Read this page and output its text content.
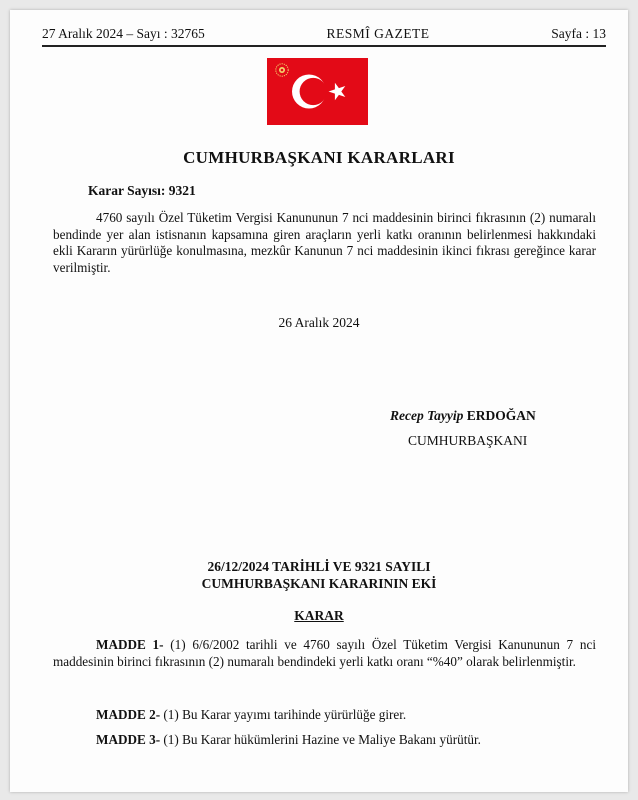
27 Aralık 2024 – Sayı : 32765	RESMÎ GAZETE	Sayfa : 13
CUMHURBAŞKANI KARARLARI
Karar Sayısı: 9321
4760 sayılı Özel Tüketim Vergisi Kanununun 7 nci maddesinin birinci fıkrasının (2) numaralı bendinde yer alan istisnanın kapsamına giren araçların yerli katkı oranının belirlenmesi hakkındaki ekli Kararın yürürlüğe konulmasına, mezkûr Kanunun 7 nci maddesinin ikinci fıkrası gereğince karar verilmiştir.
26 Aralık 2024
Recep Tayyip ERDOĞAN
CUMHURBAŞKANI
26/12/2024 TARİHLİ VE 9321 SAYILI
CUMHURBAŞKANI KARARININ EKİ
KARAR
MADDE 1- (1) 6/6/2002 tarihli ve 4760 sayılı Özel Tüketim Vergisi Kanununun 7 nci maddesinin birinci fıkrasının (2) numaralı bendindeki yerli katkı oranı “%40” olarak belirlenmiştir.
MADDE 2- (1) Bu Karar yayımı tarihinde yürürlüğe girer.
MADDE 3- (1) Bu Karar hükümlerini Hazine ve Maliye Bakanı yürütür.
